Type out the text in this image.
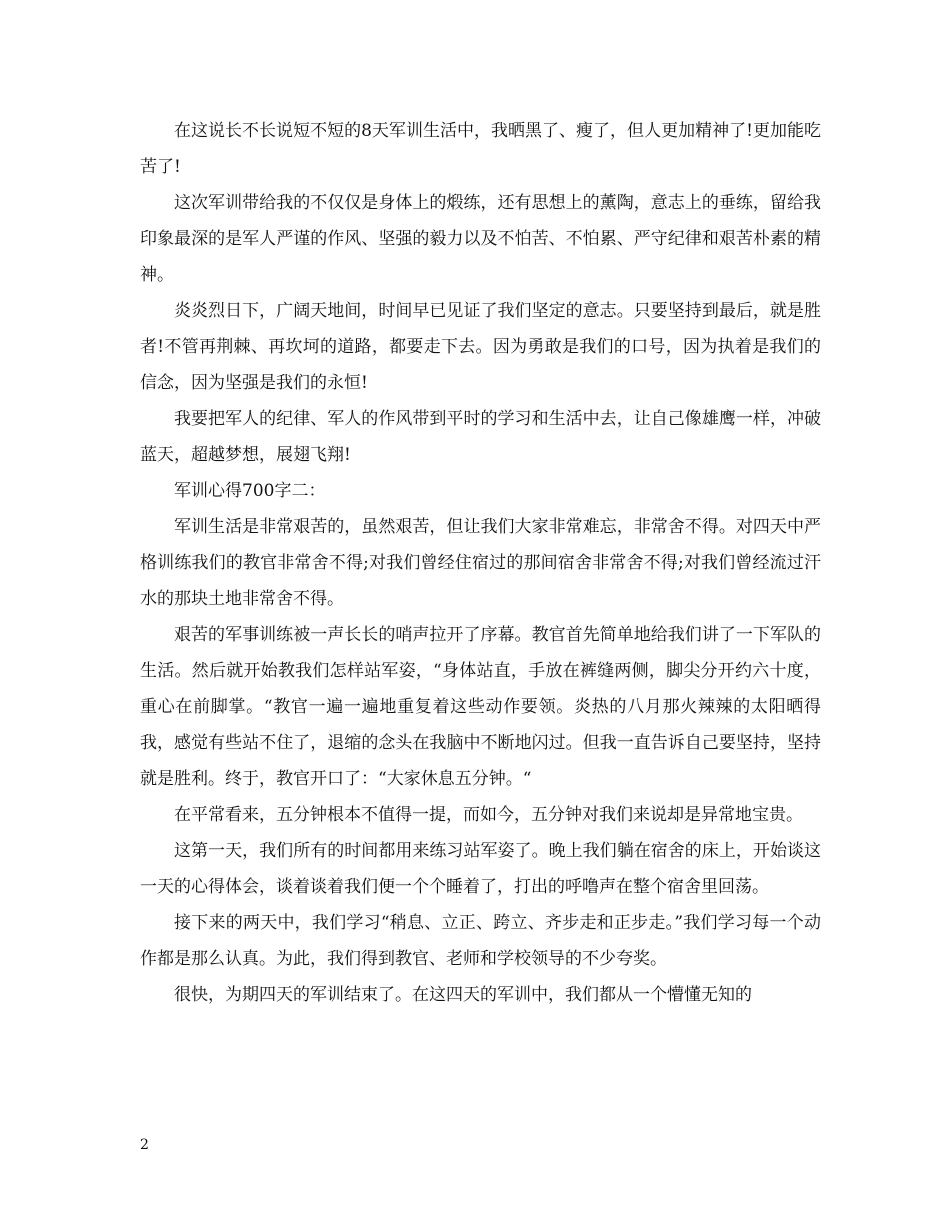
在这说长不长说短不短的8天军训生活中，我晒黑了、瘦了，但人更加精神了!更加能吃苦了!

这次军训带给我的不仅仅是身体上的煅练，还有思想上的薰陶，意志上的垂练，留给我印象最深的是军人严谨的作风、坚强的毅力以及不怕苦、不怕累、严守纪律和艰苦朴素的精神。

炎炎烈日下，广阔天地间，时间早已见证了我们坚定的意志。只要坚持到最后，就是胜者!不管再荆棘、再坎坷的道路，都要走下去。因为勇敢是我们的口号，因为执着是我们的信念，因为坚强是我们的永恒!

我要把军人的纪律、军人的作风带到平时的学习和生活中去，让自己像雄鹰一样，冲破蓝天，超越梦想，展翅飞翔!

军训心得700字二：

军训生活是非常艰苦的，虽然艰苦，但让我们大家非常难忘，非常舍不得。对四天中严格训练我们的教官非常舍不得;对我们曾经住宿过的那间宿舍非常舍不得;对我们曾经流过汗水的那块土地非常舍不得。

艰苦的军事训练被一声长长的哨声拉开了序幕。教官首先简单地给我们讲了一下军队的生活。然后就开始教我们怎样站军姿，“身体站直，手放在裤缝两侧，脚尖分开约六十度，重心在前脚掌。“教官一遍一遍地重复着这些动作要领。炎热的八月那火辣辣的太阳晒得我，感觉有些站不住了，退缩的念头在我脑中不断地闪过。但我一直告诉自己要坚持，坚持就是胜利。终于，教官开口了：“大家休息五分钟。“

在平常看来，五分钟根本不值得一提，而如今，五分钟对我们来说却是异常地宝贵。

这第一天，我们所有的时间都用来练习站军姿了。晚上我们躺在宿舍的床上，开始谈这一天的心得体会，谈着谈着我们便一个个睡着了，打出的呼噜声在整个宿舍里回荡。

接下来的两天中，我们学习“稍息、立正、跨立、齐步走和正步走。”我们学习每一个动作都是那么认真。为此，我们得到教官、老师和学校领导的不少夸奖。

很快，为期四天的军训结束了。在这四天的军训中，我们都从一个懵懂无知的

2
